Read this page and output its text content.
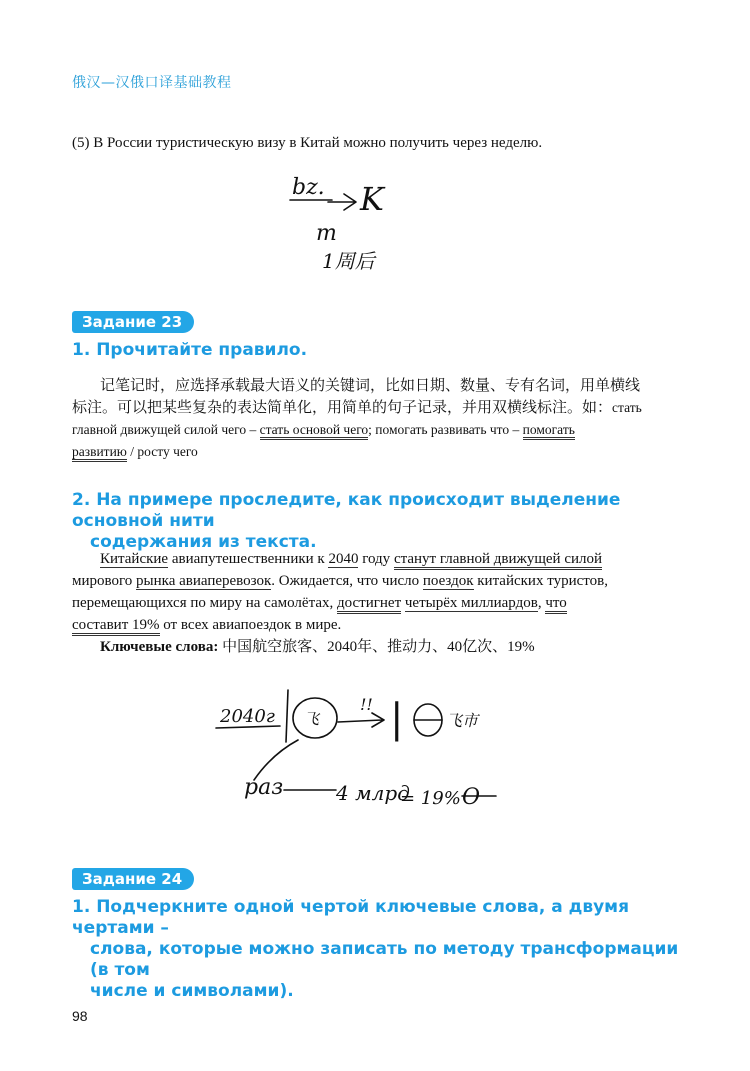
俄汉—汉俄口译基础教程
(5) В России туристическую визу в Китай можно получить через неделю.
bz. K
m
1周后
Задание 23
1. Прочитайте правило.
记笔记时，应选择承载最大语义的关键词，比如日期、数量、专有名词，用单横线
标注。可以把某些复杂的表达简单化，用简单的句子记录，并用双横线标注。如：стать
главной движущей силой чего – стать основой чего; помогать развивать что – помогать
развитию / росту чего
2. На примере проследите, как происходит выделение основной нити
содержания из текста.
Китайские авиапутешественники к 2040 году станут главной движущей силой
мирового рынка авиаперевозок. Ожидается, что число поездок китайских туристов,
перемещающихся по миру на самолётах, достигнет четырёх миллиардов, что
составит 19% от всех авиапоездок в мире.
Ключевые слова: 中国航空旅客、2040年、推动力、40亿次、19%
2040г 飞
!! |	飞市
раз	4 млрд
= 19% O
Задание 24
1. Подчеркните одной чертой ключевые слова, а двумя чертами –
слова, которые можно записать по методу трансформации (в том
числе и символами).
98
